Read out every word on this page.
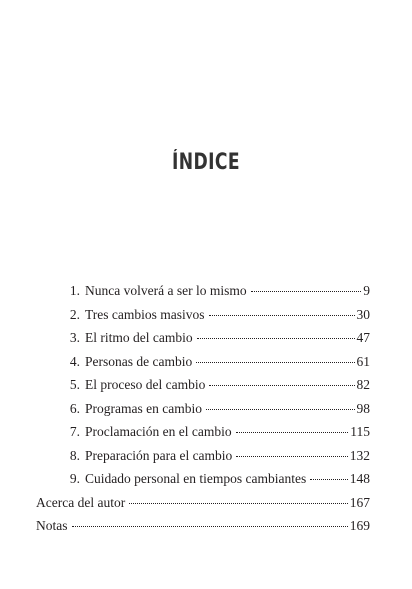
ÍNDICE
1. Nunca volverá a ser lo mismo	9
2. Tres cambios masivos	30
3. El ritmo del cambio	47
4. Personas de cambio	61
5. El proceso del cambio	82
6. Programas en cambio	98
7. Proclamación en el cambio	115
8. Preparación para el cambio	132
9. Cuidado personal en tiempos cambiantes	148
Acerca del autor	167
Notas	169
